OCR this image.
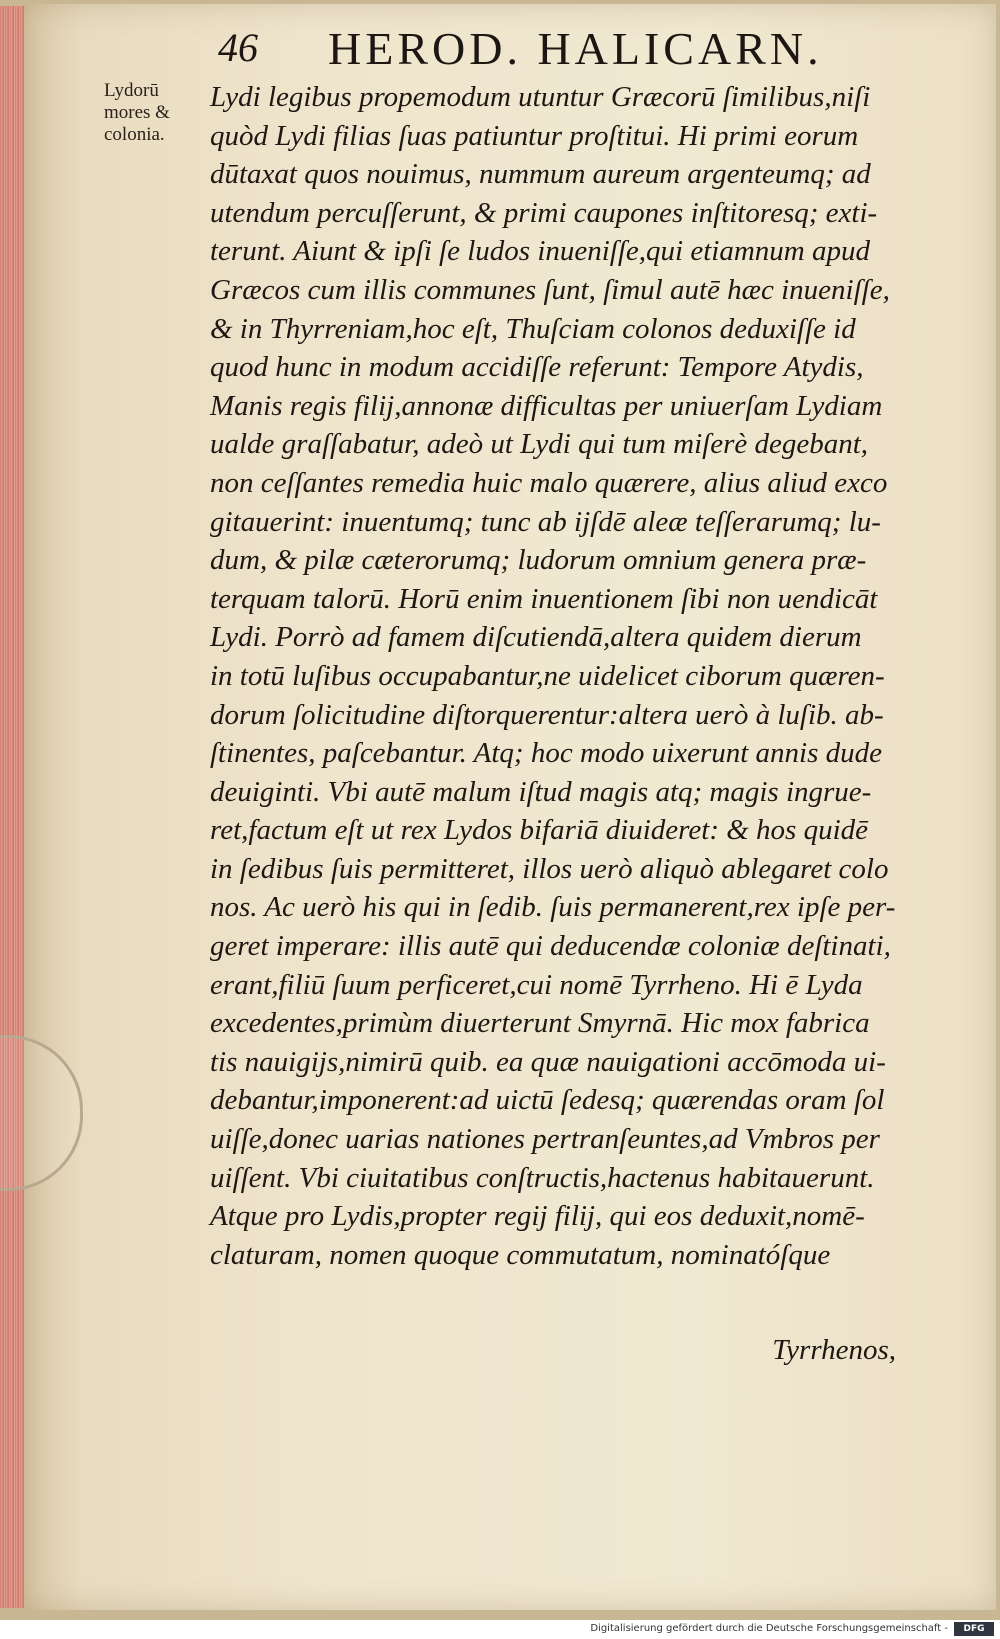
46 HEROD. HALICARN.
Lydorū
mores &
colonia.
Lydi legibus propemodum utuntur Græcorū ſimilibus,niſi
quòd Lydi filias ſuas patiuntur proſtitui. Hi primi eorum
dūtaxat quos nouimus, nummum aureum argenteumq; ad
utendum percuſſerunt, & primi caupones inſtitoresq; exti-
terunt. Aiunt & ipſi ſe ludos inueniſſe,qui etiamnum apud
Græcos cum illis communes ſunt, ſimul autē hæc inueniſſe,
& in Thyrreniam,hoc eſt, Thuſciam colonos deduxiſſe id
quod hunc in modum accidiſſe referunt: Tempore Atydis,
Manis regis filij,annonæ difficultas per uniuerſam Lydiam
ualde graſſabatur, adeò ut Lydi qui tum miſerè degebant,
non ceſſantes remedia huic malo quærere, alius aliud exco
gitauerint: inuentumq; tunc ab ijſdē aleæ teſſerarumq; lu-
dum, & pilæ cæterorumq; ludorum omnium genera præ-
terquam talorū. Horū enim inuentionem ſibi non uendicāt
Lydi. Porrò ad famem diſcutiendā,altera quidem dierum
in totū luſibus occupabantur,ne uidelicet ciborum quæren-
dorum ſolicitudine diſtorquerentur:altera uerò à luſib. ab-
ſtinentes, paſcebantur. Atq; hoc modo uixerunt annis dude
deuiginti. Vbi autē malum iſtud magis atq; magis ingrue-
ret,factum eſt ut rex Lydos bifariā diuideret: & hos quidē
in ſedibus ſuis permitteret, illos uerò aliquò ablegaret colo
nos. Ac uerò his qui in ſedib. ſuis permanerent,rex ipſe per-
geret imperare: illis autē qui deducendæ coloniæ deſtinati,
erant,filiū ſuum perficeret,cui nomē Tyrrheno. Hi ē Lyda
excedentes,primùm diuerterunt Smyrnā. Hic mox fabrica
tis nauigijs,nimirū quib. ea quæ nauigationi accōmoda ui-
debantur,imponerent:ad uictū ſedesq; quærendas oram ſol
uiſſe,donec uarias nationes pertranſeuntes,ad Vmbros per
uiſſent. Vbi ciuitatibus conſtructis,hactenus habitauerunt.
Atque pro Lydis,propter regij filij, qui eos deduxit,nomē-
claturam, nomen quoque commutatum, nominatóſque
Tyrrhenos,
Digitalisierung gefördert durch die Deutsche Forschungsgemeinschaft -	DFG
